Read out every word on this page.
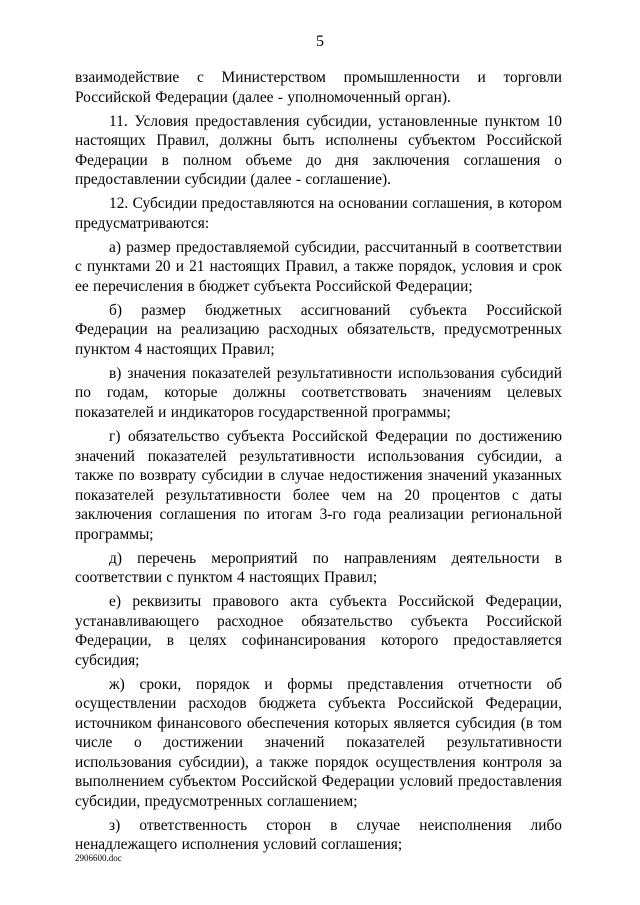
5

взаимодействие с Министерством промышленности и торговли Российской Федерации (далее - уполномоченный орган).

11. Условия предоставления субсидии, установленные пунктом 10 настоящих Правил, должны быть исполнены субъектом Российской Федерации в полном объеме до дня заключения соглашения о предоставлении субсидии (далее - соглашение).

12. Субсидии предоставляются на основании соглашения, в котором предусматриваются:

а) размер предоставляемой субсидии, рассчитанный в соответствии с пунктами 20 и 21 настоящих Правил, а также порядок, условия и срок ее перечисления в бюджет субъекта Российской Федерации;

б) размер бюджетных ассигнований субъекта Российской Федерации на реализацию расходных обязательств, предусмотренных пунктом 4 настоящих Правил;

в) значения показателей результативности использования субсидий по годам, которые должны соответствовать значениям целевых показателей и индикаторов государственной программы;

г) обязательство субъекта Российской Федерации по достижению значений показателей результативности использования субсидии, а также по возврату субсидии в случае недостижения значений указанных показателей результативности более чем на 20 процентов с даты заключения соглашения по итогам 3-го года реализации региональной программы;

д) перечень мероприятий по направлениям деятельности в соответствии с пунктом 4 настоящих Правил;

е) реквизиты правового акта субъекта Российской Федерации, устанавливающего расходное обязательство субъекта Российской Федерации, в целях софинансирования которого предоставляется субсидия;

ж) сроки, порядок и формы представления отчетности об осуществлении расходов бюджета субъекта Российской Федерации, источником финансового обеспечения которых является субсидия (в том числе о достижении значений показателей результативности использования субсидии), а также порядок осуществления контроля за выполнением субъектом Российской Федерации условий предоставления субсидии, предусмотренных соглашением;

з) ответственность сторон в случае неисполнения либо ненадлежащего исполнения условий соглашения;

2906600.doc
